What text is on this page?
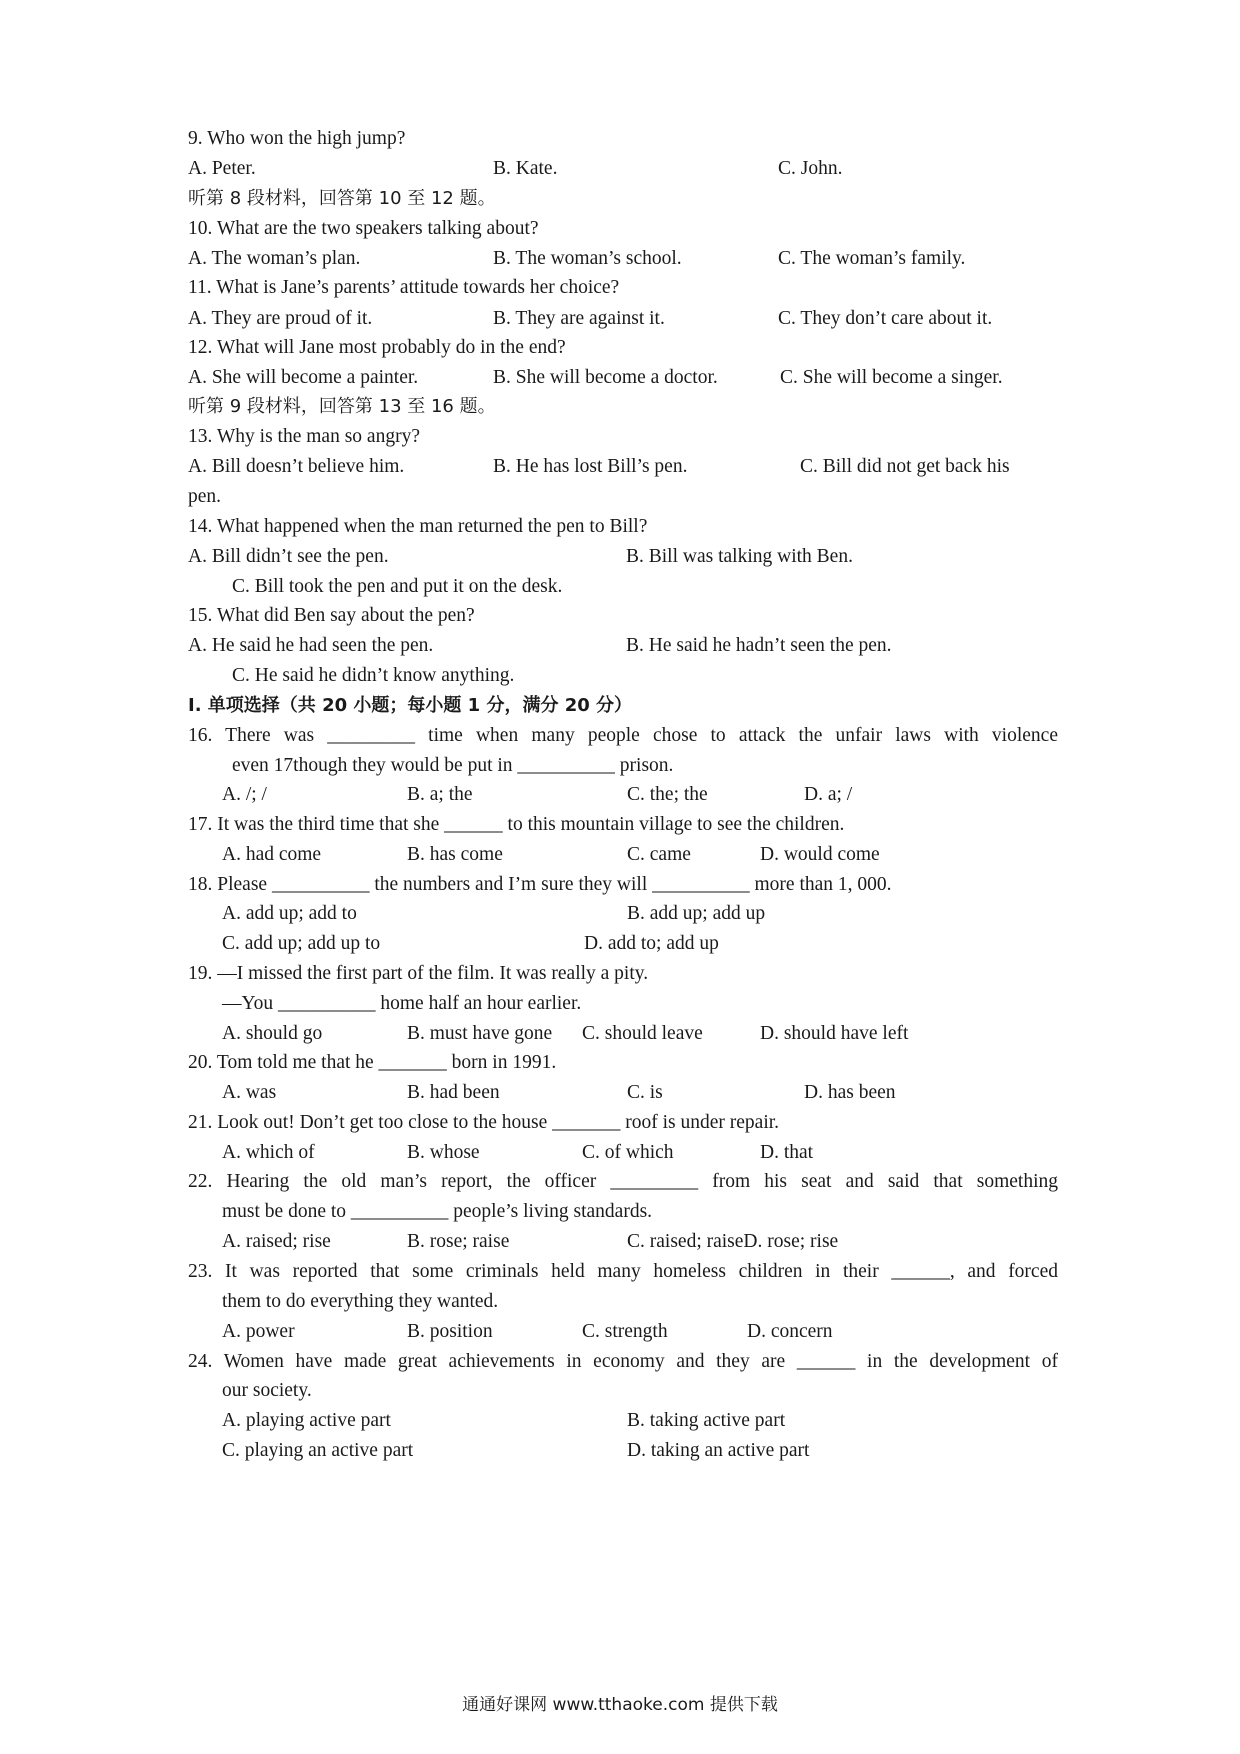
9. Who won the high jump?
A. Peter.	B. Kate.	C. John.
听第 8 段材料，回答第 10 至 12 题。
10. What are the two speakers talking about?
A. The woman’s plan.	B. The woman’s school.	C. The woman’s family.
11. What is Jane’s parents’ attitude towards her choice?
A. They are proud of it.	B. They are against it.	C. They don’t care about it.
12. What will Jane most probably do in the end?
A. She will become a painter.	B. She will become a doctor.	C. She will become a singer.
听第 9 段材料，回答第 13 至 16 题。
13. Why is the man so angry?
A. Bill doesn’t believe him.	B. He has lost Bill’s pen.	C. Bill did not get back his
pen.
14. What happened when the man returned the pen to Bill?
A. Bill didn’t see the pen.	B. Bill was talking with Ben.
C. Bill took the pen and put it on the desk.
15. What did Ben say about the pen?
A. He said he had seen the pen.	B. He said he hadn’t seen the pen.
C. He said he didn’t know anything.
I. 单项选择（共 20 小题；每小题 1 分，满分 20 分）
16. There was _________ time when many people chose to attack the unfair laws with violence
even 17though they would be put in __________ prison.
A. /; /	B. a; the	C. the; the	D. a; /
17. It was the third time that she ______ to this mountain village to see the children.
A. had come	B. has come	C. came	D. would come
18. Please __________ the numbers and I’m sure they will __________ more than 1, 000.
A. add up; add to	B. add up; add up
C. add up; add up to	D. add to; add up
19. —I missed the first part of the film. It was really a pity.
—You __________ home half an hour earlier.
A. should go	B. must have gone C. should leave	D. should have left
20. Tom told me that he _______ born in 1991.
A. was	B. had been	C. is	D. has been
21. Look out! Don’t get too close to the house _______ roof is under repair.
A. which of	B. whose	C. of which	D. that
22. Hearing the old man’s report, the officer _________ from his seat and said that something
must be done to __________ people’s living standards.
A. raised; rise	B. rose; raise	C. raised; raiseD. rose; rise
23. It was reported that some criminals held many homeless children in their ______, and forced
them to do everything they wanted.
A. power	B. position	C. strength	D. concern
24. Women have made great achievements in economy and they are ______ in the development of
our society.
A. playing active part	B. taking active part
C. playing an active part	D. taking an active part
通通好课网 www.tthaoke.com 提供下载
